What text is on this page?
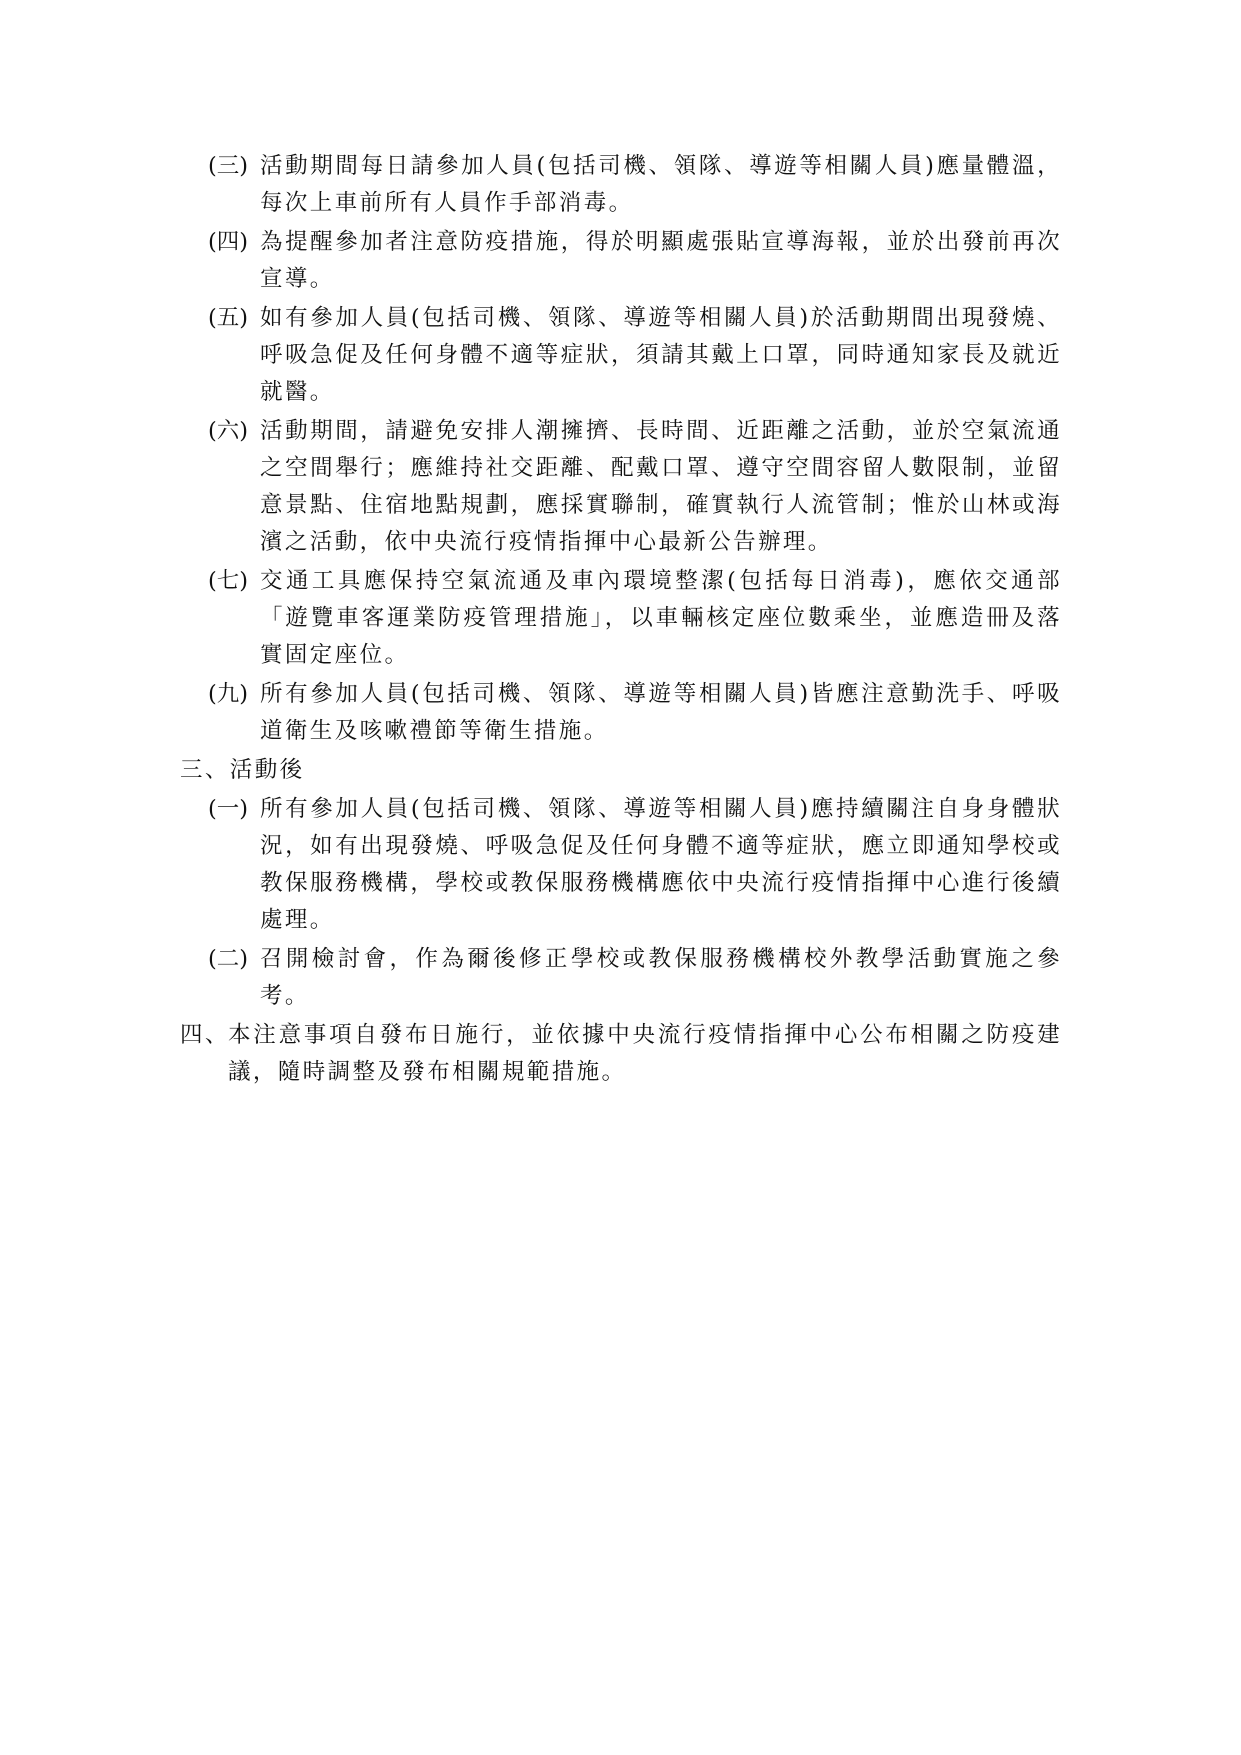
(三) 活動期間每日請參加人員(包括司機、領隊、導遊等相關人員)應量體溫，每次上車前所有人員作手部消毒。
(四) 為提醒參加者注意防疫措施，得於明顯處張貼宣導海報，並於出發前再次宣導。
(五) 如有參加人員(包括司機、領隊、導遊等相關人員)於活動期間出現發燒、呼吸急促及任何身體不適等症狀，須請其戴上口罩，同時通知家長及就近就醫。
(六) 活動期間，請避免安排人潮擁擠、長時間、近距離之活動，並於空氣流通之空間舉行；應維持社交距離、配戴口罩、遵守空間容留人數限制，並留意景點、住宿地點規劃，應採實聯制，確實執行人流管制；惟於山林或海濱之活動，依中央流行疫情指揮中心最新公告辦理。
(七) 交通工具應保持空氣流通及車內環境整潔(包括每日消毒)，應依交通部「遊覽車客運業防疫管理措施」，以車輛核定座位數乘坐，並應造冊及落實固定座位。
(九) 所有參加人員(包括司機、領隊、導遊等相關人員)皆應注意勤洗手、呼吸道衛生及咳嗽禮節等衛生措施。
三、活動後
(一) 所有參加人員(包括司機、領隊、導遊等相關人員)應持續關注自身身體狀況，如有出現發燒、呼吸急促及任何身體不適等症狀，應立即通知學校或教保服務機構，學校或教保服務機構應依中央流行疫情指揮中心進行後續處理。
(二) 召開檢討會，作為爾後修正學校或教保服務機構校外教學活動實施之參考。
四、
本注意事項自發布日施行，並依據中央流行疫情指揮中心公布相關之防疫建議，隨時調整及發布相關規範措施。
